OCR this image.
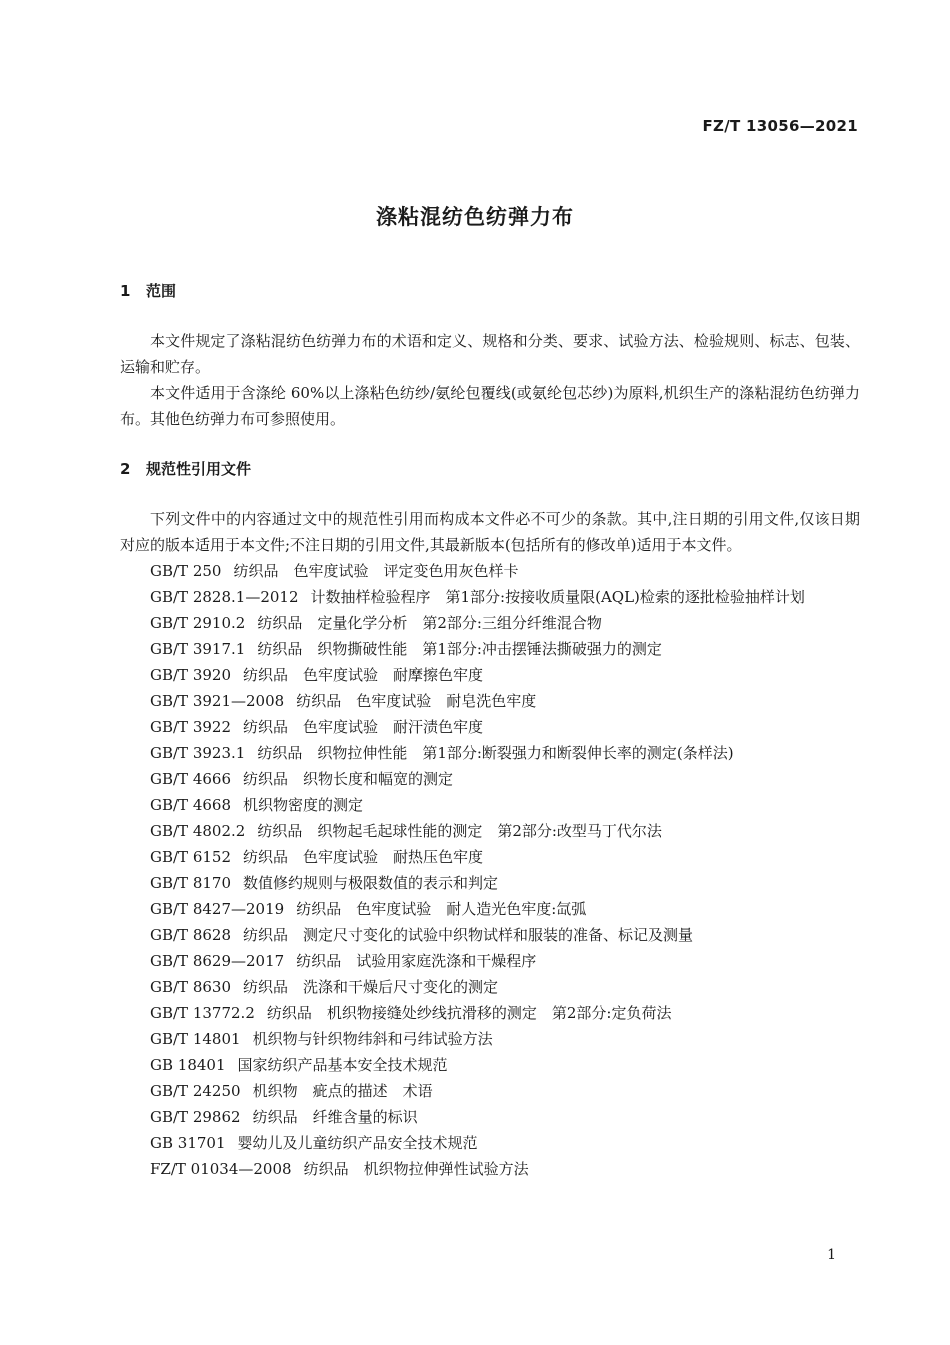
FZ/T 13056—2021
涤粘混纺色纺弹力布
1 范围

本文件规定了涤粘混纺色纺弹力布的术语和定义、规格和分类、要求、试验方法、检验规则、标志、包装、运输和贮存。

本文件适用于含涤纶 60%以上涤粘色纺纱/氨纶包覆线(或氨纶包芯纱)为原料,机织生产的涤粘混纺色纺弹力布。其他色纺弹力布可参照使用。

2 规范性引用文件

下列文件中的内容通过文中的规范性引用而构成本文件必不可少的条款。其中,注日期的引用文件,仅该日期对应的版本适用于本文件;不注日期的引用文件,其最新版本(包括所有的修改单)适用于本文件。

GB/T 250 纺织品　色牢度试验　评定变色用灰色样卡
GB/T 2828.1—2012 计数抽样检验程序　第1部分:按接收质量限(AQL)检索的逐批检验抽样计划
GB/T 2910.2 纺织品　定量化学分析　第2部分:三组分纤维混合物
GB/T 3917.1 纺织品　织物撕破性能　第1部分:冲击摆锤法撕破强力的测定
GB/T 3920 纺织品　色牢度试验　耐摩擦色牢度
GB/T 3921—2008 纺织品　色牢度试验　耐皂洗色牢度
GB/T 3922 纺织品　色牢度试验　耐汗渍色牢度
GB/T 3923.1 纺织品　织物拉伸性能　第1部分:断裂强力和断裂伸长率的测定(条样法)
GB/T 4666 纺织品　织物长度和幅宽的测定
GB/T 4668 机织物密度的测定
GB/T 4802.2 纺织品　织物起毛起球性能的测定　第2部分:改型马丁代尔法
GB/T 6152 纺织品　色牢度试验　耐热压色牢度
GB/T 8170 数值修约规则与极限数值的表示和判定
GB/T 8427—2019 纺织品　色牢度试验　耐人造光色牢度:氙弧
GB/T 8628 纺织品　测定尺寸变化的试验中织物试样和服装的准备、标记及测量
GB/T 8629—2017 纺织品　试验用家庭洗涤和干燥程序
GB/T 8630 纺织品　洗涤和干燥后尺寸变化的测定
GB/T 13772.2 纺织品　机织物接缝处纱线抗滑移的测定　第2部分:定负荷法
GB/T 14801 机织物与针织物纬斜和弓纬试验方法
GB 18401 国家纺织产品基本安全技术规范
GB/T 24250 机织物　疵点的描述　术语
GB/T 29862 纺织品　纤维含量的标识
GB 31701 婴幼儿及儿童纺织产品安全技术规范
FZ/T 01034—2008 纺织品　机织物拉伸弹性试验方法
1
